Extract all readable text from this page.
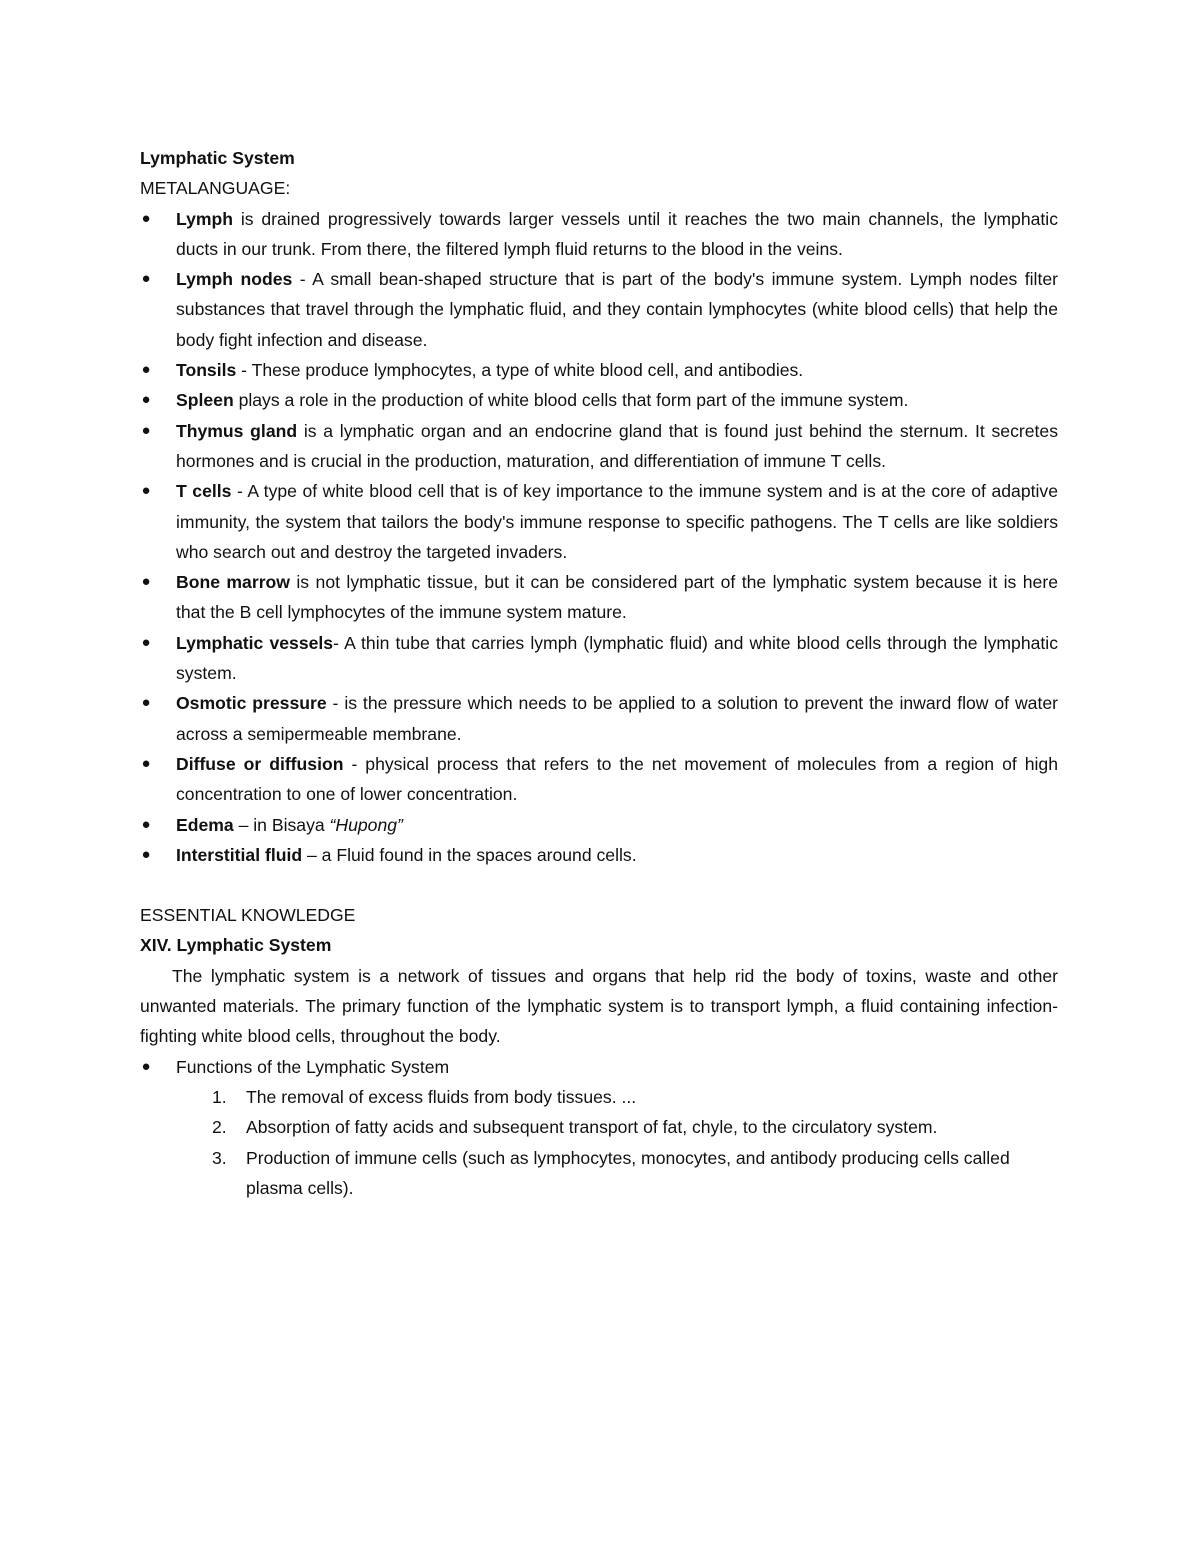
Lymphatic System

METALANGUAGE:

● Lymph is drained progressively towards larger vessels until it reaches the two main channels, the lymphatic ducts in our trunk. From there, the filtered lymph fluid returns to the blood in the veins.
● Lymph nodes - A small bean-shaped structure that is part of the body's immune system. Lymph nodes filter substances that travel through the lymphatic fluid, and they contain lymphocytes (white blood cells) that help the body fight infection and disease.
● Tonsils - These produce lymphocytes, a type of white blood cell, and antibodies.
● Spleen plays a role in the production of white blood cells that form part of the immune system.
● Thymus gland is a lymphatic organ and an endocrine gland that is found just behind the sternum. It secretes hormones and is crucial in the production, maturation, and differentiation of immune T cells.
● T cells - A type of white blood cell that is of key importance to the immune system and is at the core of adaptive immunity, the system that tailors the body's immune response to specific pathogens. The T cells are like soldiers who search out and destroy the targeted invaders.
● Bone marrow is not lymphatic tissue, but it can be considered part of the lymphatic system because it is here that the B cell lymphocytes of the immune system mature.
● Lymphatic vessels- A thin tube that carries lymph (lymphatic fluid) and white blood cells through the lymphatic system.
● Osmotic pressure - is the pressure which needs to be applied to a solution to prevent the inward flow of water across a semipermeable membrane.
● Diffuse or diffusion - physical process that refers to the net movement of molecules from a region of high concentration to one of lower concentration.
● Edema – in Bisaya “Hupong”
● Interstitial fluid – a Fluid found in the spaces around cells.

ESSENTIAL KNOWLEDGE

XIV. Lymphatic System

The lymphatic system is a network of tissues and organs that help rid the body of toxins, waste and other unwanted materials. The primary function of the lymphatic system is to transport lymph, a fluid containing infection-fighting white blood cells, throughout the body.

● Functions of the Lymphatic System
1. The removal of excess fluids from body tissues. ...
2. Absorption of fatty acids and subsequent transport of fat, chyle, to the circulatory system.
3. Production of immune cells (such as lymphocytes, monocytes, and antibody producing cells called plasma cells).
